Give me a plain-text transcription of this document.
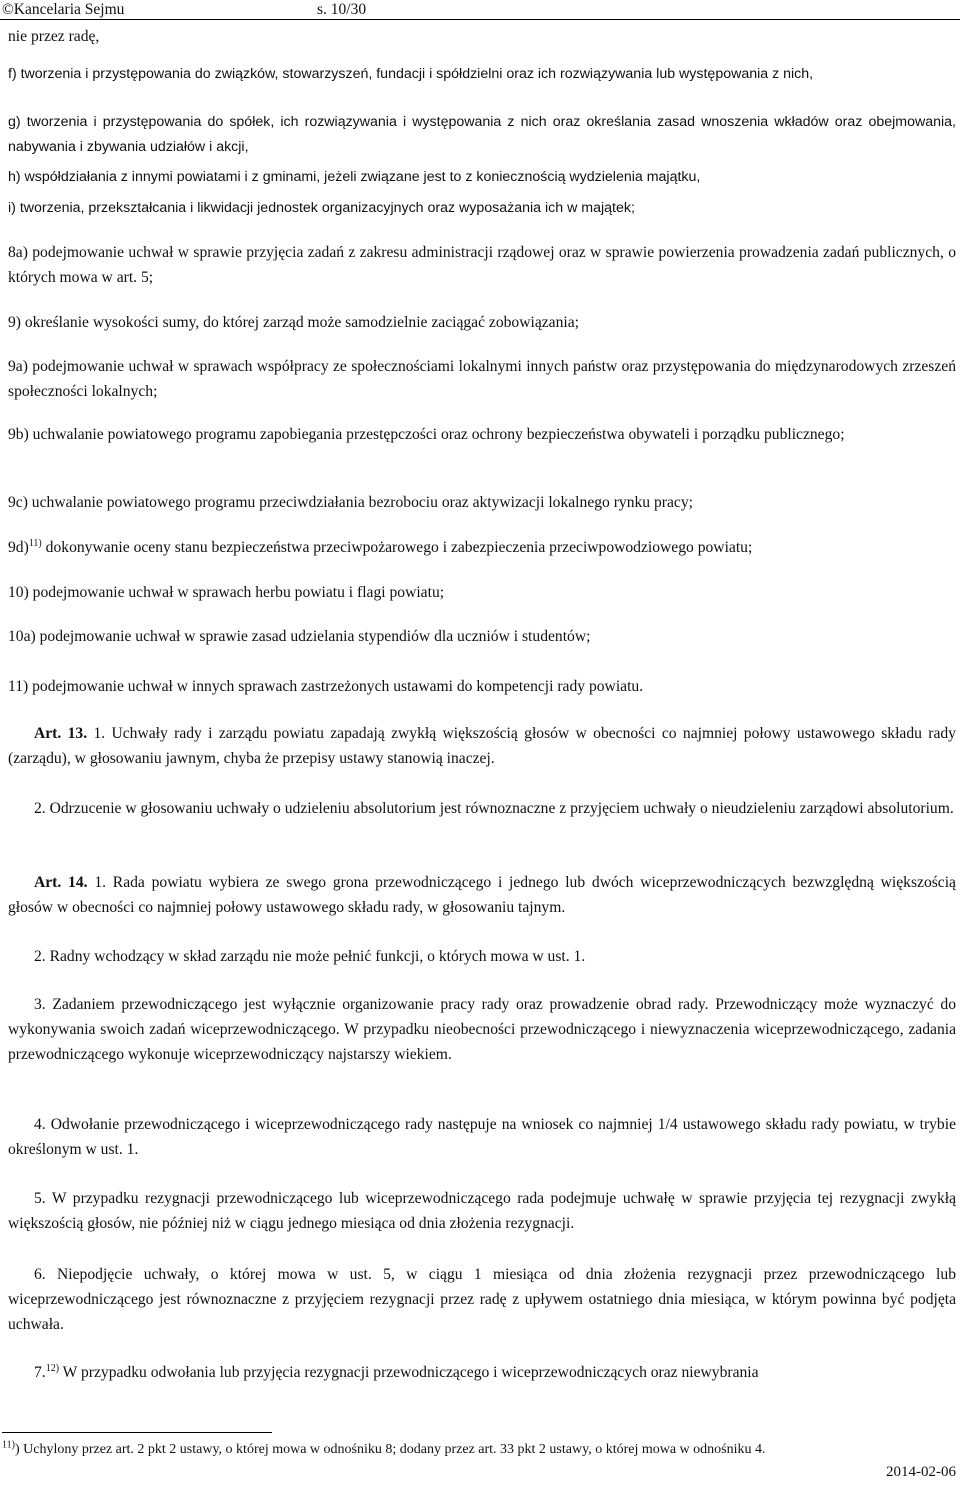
©Kancelaria Sejmu	s. 10/30

nie przez radę,

f) tworzenia i przystępowania do związków, stowarzyszeń, fundacji i spółdzielni oraz ich rozwiązywania lub występowania z nich,

g) tworzenia i przystępowania do spółek, ich rozwiązywania i występowania z nich oraz określania zasad wnoszenia wkładów oraz obejmowania, nabywania i zbywania udziałów i akcji,

h) współdziałania z innymi powiatami i z gminami, jeżeli związane jest to z koniecznością wydzielenia majątku,

i) tworzenia, przekształcania i likwidacji jednostek organizacyjnych oraz wyposażania ich w majątek;

8a) podejmowanie uchwał w sprawie przyjęcia zadań z zakresu administracji rządowej oraz w sprawie powierzenia prowadzenia zadań publicznych, o których mowa w art. 5;

9) określanie wysokości sumy, do której zarząd może samodzielnie zaciągać zobowiązania;

9a) podejmowanie uchwał w sprawach współpracy ze społecznościami lokalnymi innych państw oraz przystępowania do międzynarodowych zrzeszeń społeczności lokalnych;

9b) uchwalanie powiatowego programu zapobiegania przestępczości oraz ochrony bezpieczeństwa obywateli i porządku publicznego;

9c) uchwalanie powiatowego programu przeciwdziałania bezrobociu oraz aktywizacji lokalnego rynku pracy;

9d)$^{11)}$ dokonywanie oceny stanu bezpieczeństwa przeciwpożarowego i zabezpieczenia przeciwpowodziowego powiatu;

10) podejmowanie uchwał w sprawach herbu powiatu i flagi powiatu;

10a) podejmowanie uchwał w sprawie zasad udzielania stypendiów dla uczniów i studentów;

11) podejmowanie uchwał w innych sprawach zastrzeżonych ustawami do kompetencji rady powiatu.

Art. 13. 1. Uchwały rady i zarządu powiatu zapadają zwykłą większością głosów w obecności co najmniej połowy ustawowego składu rady (zarządu), w głosowaniu jawnym, chyba że przepisy ustawy stanowią inaczej.

2. Odrzucenie w głosowaniu uchwały o udzieleniu absolutorium jest równoznaczne z przyjęciem uchwały o nieudzieleniu zarządowi absolutorium.

Art. 14. 1. Rada powiatu wybiera ze swego grona przewodniczącego i jednego lub dwóch wiceprzewodniczących bezwzględną większością głosów w obecności co najmniej połowy ustawowego składu rady, w głosowaniu tajnym.

2. Radny wchodzący w skład zarządu nie może pełnić funkcji, o których mowa w ust. 1.

3. Zadaniem przewodniczącego jest wyłącznie organizowanie pracy rady oraz prowadzenie obrad rady. Przewodniczący może wyznaczyć do wykonywania swoich zadań wiceprzewodniczącego. W przypadku nieobecności przewodniczącego i niewyznaczenia wiceprzewodniczącego, zadania przewodniczącego wykonuje wiceprzewodniczący najstarszy wiekiem.

4. Odwołanie przewodniczącego i wiceprzewodniczącego rady następuje na wniosek co najmniej 1/4 ustawowego składu rady powiatu, w trybie określonym w ust. 1.

5. W przypadku rezygnacji przewodniczącego lub wiceprzewodniczącego rada podejmuje uchwałę w sprawie przyjęcia tej rezygnacji zwykłą większością głosów, nie później niż w ciągu jednego miesiąca od dnia złożenia rezygnacji.

6. Niepodjęcie uchwały, o której mowa w ust. 5, w ciągu 1 miesiąca od dnia złożenia rezygnacji przez przewodniczącego lub wiceprzewodniczącego jest równoznaczne z przyjęciem rezygnacji przez radę z upływem ostatniego dnia miesiąca, w którym powinna być podjęta uchwała.

7.$^{12)}$ W przypadku odwołania lub przyjęcia rezygnacji przewodniczącego i wiceprzewodniczących oraz niewybrania

$^{11)}$) Uchylony przez art. 2 pkt 2 ustawy, o której mowa w odnośniku 8; dodany przez art. 33 pkt 2 ustawy, o której mowa w odnośniku 4.
2014-02-06
